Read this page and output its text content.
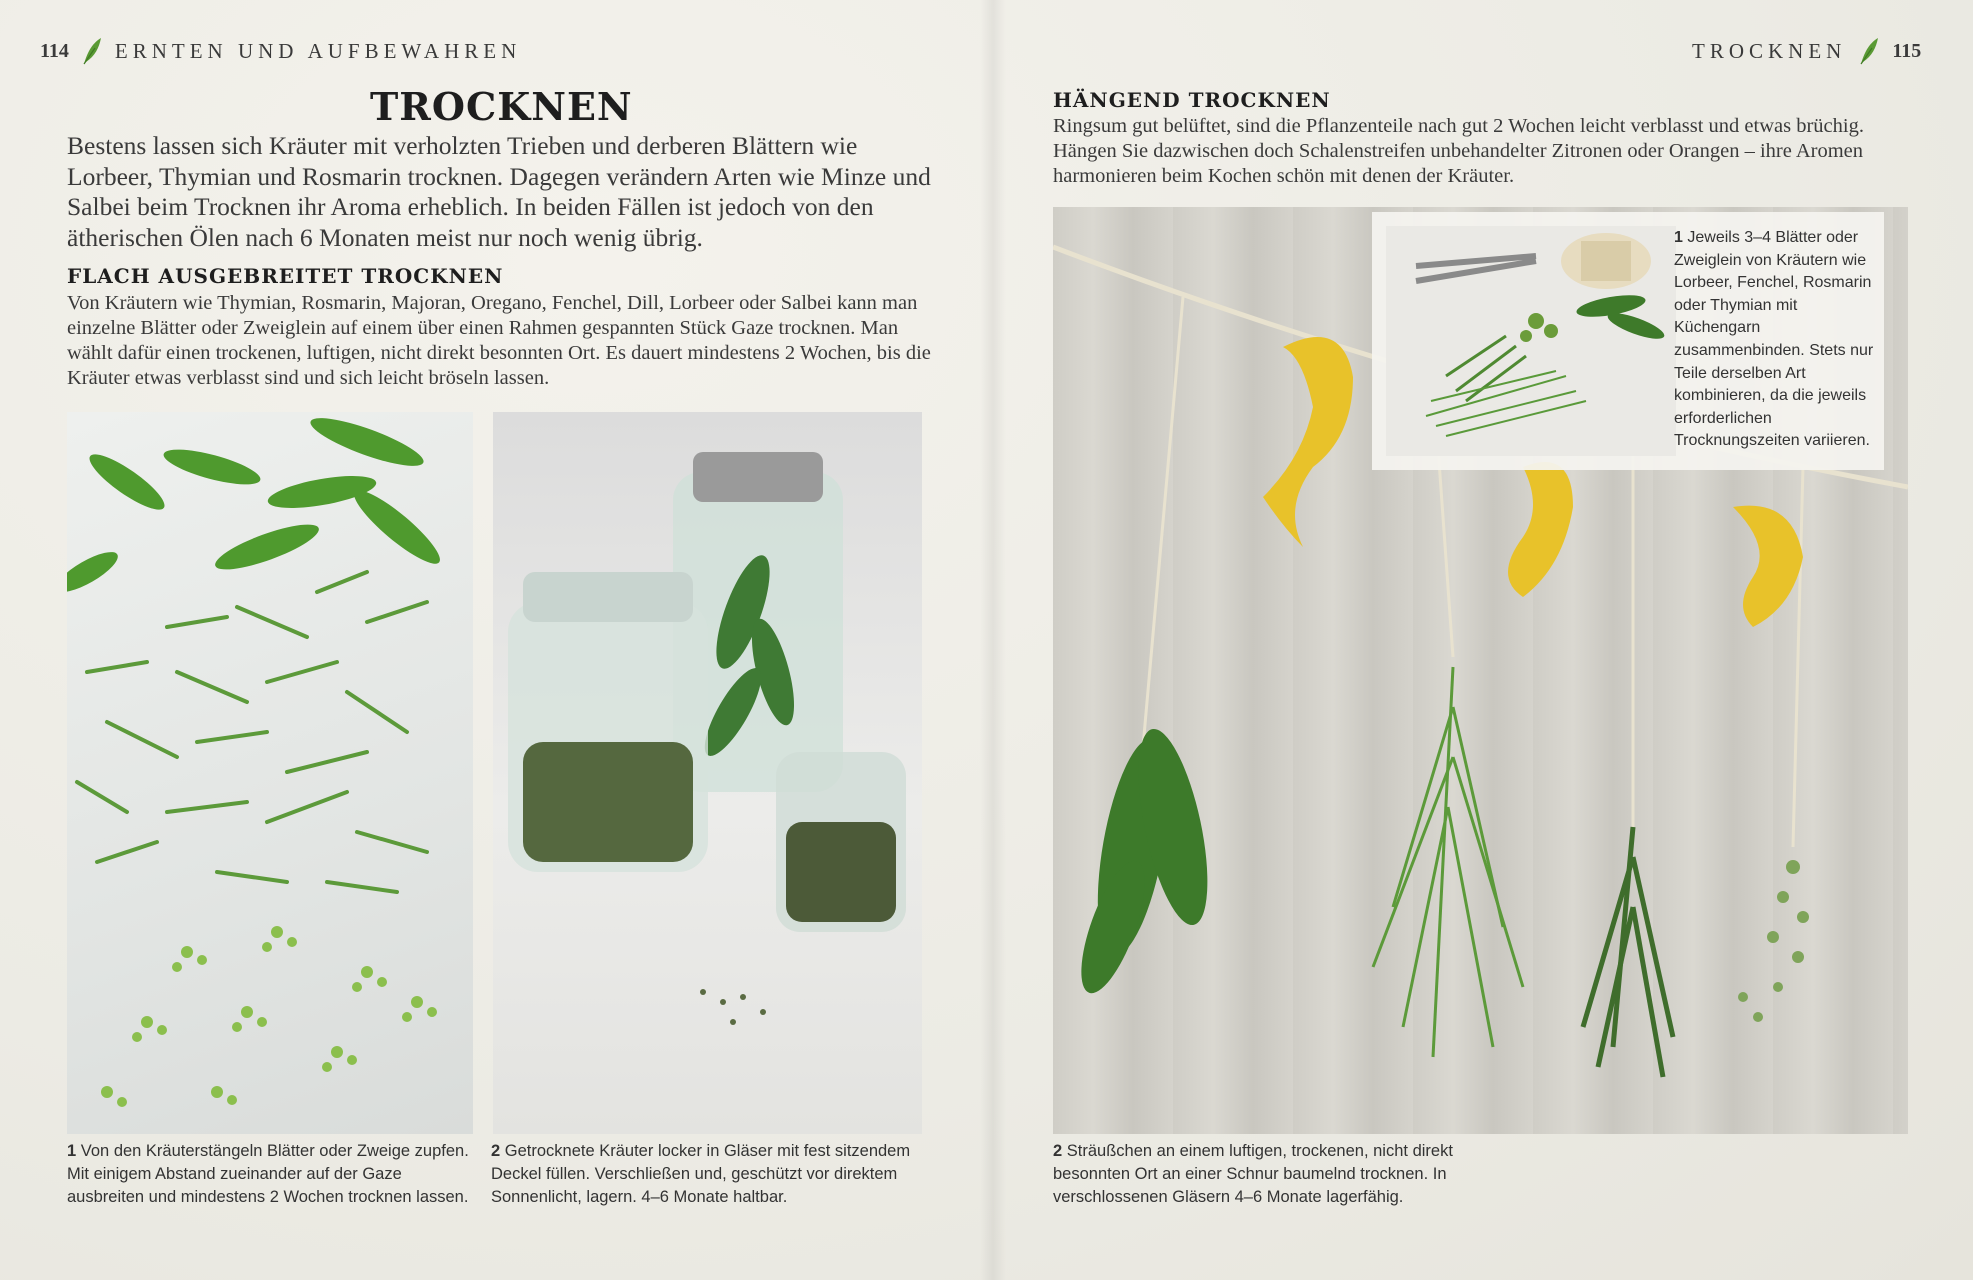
114 ERNTEN UND AUFBEWAHREN	TROCKNEN 115
TROCKNEN
Bestens lassen sich Kräuter mit verholzten Trieben und derberen Blättern wie Lorbeer, Thymian und Rosmarin trocknen. Dagegen verändern Arten wie Minze und Salbei beim Trocknen ihr Aroma erheblich. In beiden Fällen ist jedoch von den ätherischen Ölen nach 6 Monaten meist nur noch wenig übrig.
FLACH AUSGEBREITET TROCKNEN
Von Kräutern wie Thymian, Rosmarin, Majoran, Oregano, Fenchel, Dill, Lorbeer oder Salbei kann man einzelne Blätter oder Zweiglein auf einem über einen Rahmen gespannten Stück Gaze trocknen. Man wählt dafür einen trockenen, luftigen, nicht direkt besonnten Ort. Es dauert mindestens 2 Wochen, bis die Kräuter etwas verblasst sind und sich leicht bröseln lassen.
1 Von den Kräuterstängeln Blätter oder Zweige zupfen. Mit einigem Abstand zueinander auf der Gaze ausbreiten und mindestens 2 Wochen trocknen lassen.
2 Getrocknete Kräuter locker in Gläser mit fest sitzendem Deckel füllen. Verschließen und, geschützt vor direktem Sonnenlicht, lagern. 4–6 Monate haltbar.
HÄNGEND TROCKNEN
Ringsum gut belüftet, sind die Pflanzenteile nach gut 2 Wochen leicht verblasst und etwas brüchig. Hängen Sie dazwischen doch Schalenstreifen unbehandelter Zitronen oder Orangen – ihre Aromen harmonieren beim Kochen schön mit denen der Kräuter.
1 Jeweils 3–4 Blätter oder Zweiglein von Kräutern wie Lorbeer, Fenchel, Rosmarin oder Thymian mit Küchengarn zusammenbinden. Stets nur Teile derselben Art kombinieren, da die jeweils erforderlichen Trocknungszeiten variieren.
2 Sträußchen an einem luftigen, trockenen, nicht direkt besonnten Ort an einer Schnur baumelnd trocknen. In verschlossenen Gläsern 4–6 Monate lagerfähig.
